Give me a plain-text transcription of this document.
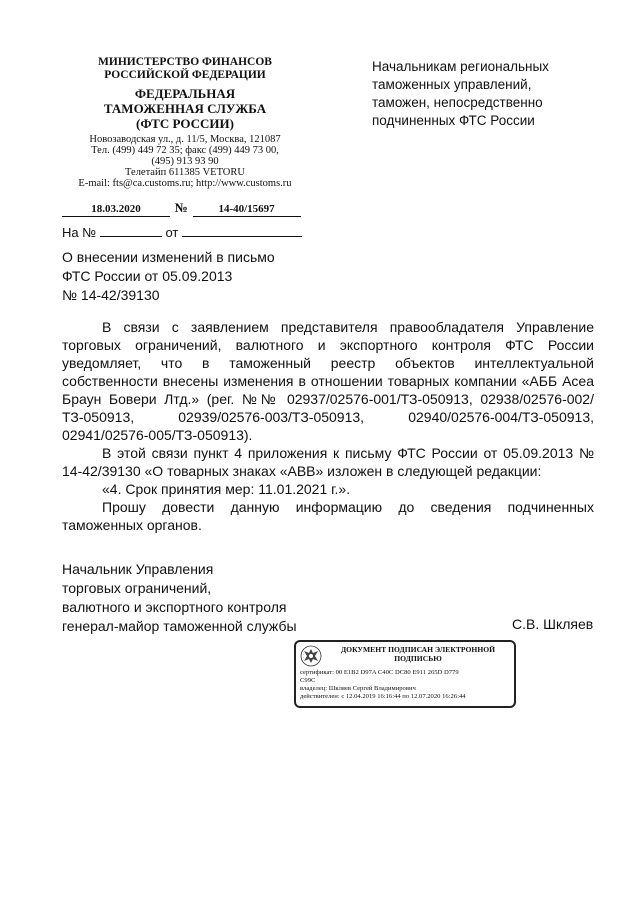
МИНИСТЕРСТВО ФИНАНСОВ
РОССИЙСКОЙ ФЕДЕРАЦИИ
ФЕДЕРАЛЬНАЯ
ТАМОЖЕННАЯ СЛУЖБА
(ФТС РОССИИ)
Новозаводская ул., д. 11/5, Москва, 121087
Тел. (499) 449 72 35; факс (499) 449 73 00,
(495) 913 93 90
Телетайп 611385 VETORU
E-mail: fts@ca.customs.ru; http://www.customs.ru
18.03.2020	№	14-40/15697
На №	от
Начальникам региональных
таможенных управлений,
таможен, непосредственно
подчиненных ФТС России
О внесении изменений в письмо
ФТС России от 05.09.2013
№ 14-42/39130

В связи с заявлением представителя правообладателя Управление торговых ограничений, валютного и экспортного контроля ФТС России уведомляет, что в таможенный реестр объектов интеллектуальной собственности внесены изменения в отношении товарных компании «АББ Асеа Браун Бовери Лтд.» (рег. №№ 02937/02576-001/ТЗ-050913, 02938/02576-002/ТЗ-050913, 02939/02576-003/ТЗ-050913, 02940/02576-004/ТЗ-050913, 02941/02576-005/ТЗ-050913).

В этой связи пункт 4 приложения к письму ФТС России от 05.09.2013 № 14-42/39130 «О товарных знаках «ABB» изложен в следующей редакции:

«4. Срок принятия мер: 11.01.2021 г.».

Прошу довести данную информацию до сведения подчиненных таможенных органов.

Начальник Управления
торговых ограничений,
валютного и экспортного контроля
генерал-майор таможенной службы	С.В. Шкляев
ДОКУМЕНТ ПОДПИСАН ЭЛЕКТРОННОЙ
ПОДПИСЬЮ
сертификат: 00 E1B2 D97A C40C DC80 E911 265D D779
C99C
владелец: Шкляев Сергей Владимирович
действителен: с 12.04.2019 16:16:44 по 12.07.2020 16:26:44
